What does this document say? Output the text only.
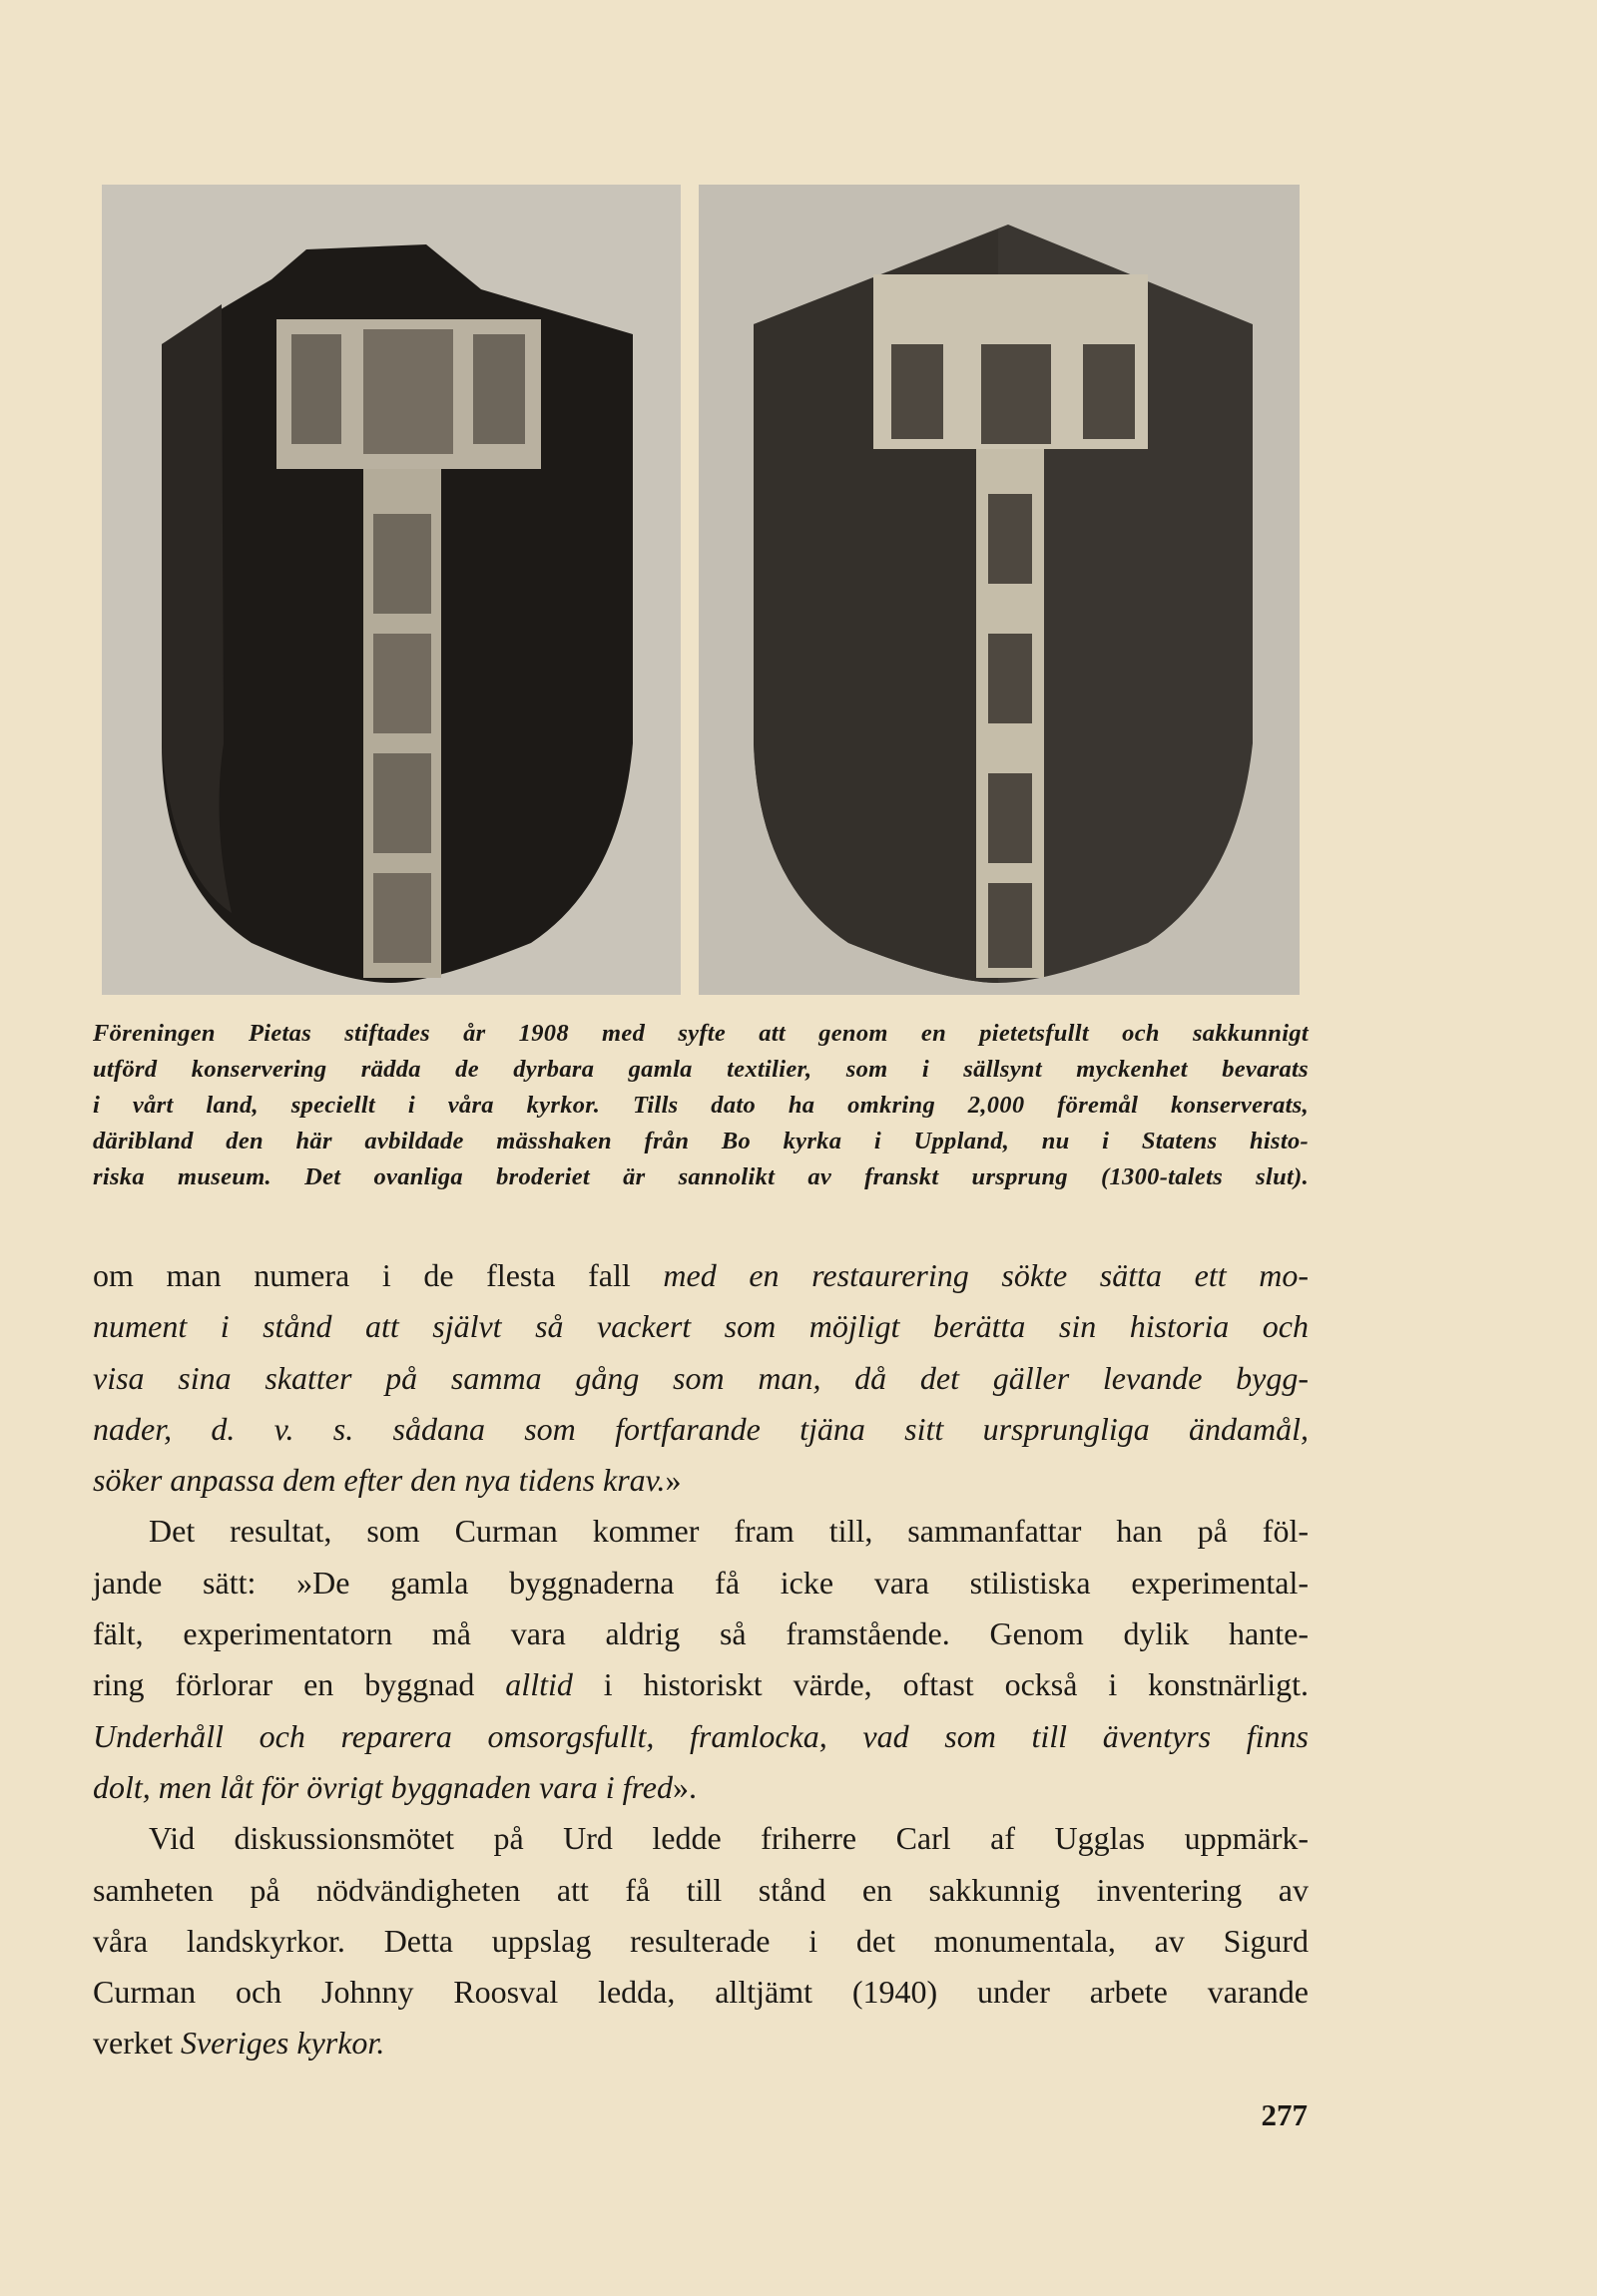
Föreningen Pietas stiftades år 1908 med syfte att genom en pietetsfullt och sakkunnigt
utförd konservering rädda de dyrbara gamla textilier, som i sällsynt myckenhet bevarats
i vårt land, speciellt i våra kyrkor. Tills dato ha omkring 2,000 föremål konserverats,
däribland den här avbildade mässhaken från Bo kyrka i Uppland, nu i Statens histo-
riska museum. Det ovanliga broderiet är sannolikt av franskt ursprung (1300-talets slut).
om man numera i de flesta fall med en restaurering sökte sätta ett mo-
nument i stånd att självt så vackert som möjligt berätta sin historia och
visa sina skatter på samma gång som man, då det gäller levande bygg-
nader, d. v. s. sådana som fortfarande tjäna sitt ursprungliga ändamål,
söker anpassa dem efter den nya tidens krav.»
Det resultat, som Curman kommer fram till, sammanfattar han på föl-
jande sätt: »De gamla byggnaderna få icke vara stilistiska experimental-
fält, experimentatorn må vara aldrig så framstående. Genom dylik hante-
ring förlorar en byggnad alltid i historiskt värde, oftast också i konstnärligt.
Underhåll och reparera omsorgsfullt, framlocka, vad som till äventyrs finns
dolt, men låt för övrigt byggnaden vara i fred».
Vid diskussionsmötet på Urd ledde friherre Carl af Ugglas uppmärk-
samheten på nödvändigheten att få till stånd en sakkunnig inventering av
våra landskyrkor. Detta uppslag resulterade i det monumentala, av Sigurd
Curman och Johnny Roosval ledda, alltjämt (1940) under arbete varande
verket Sveriges kyrkor.
277
